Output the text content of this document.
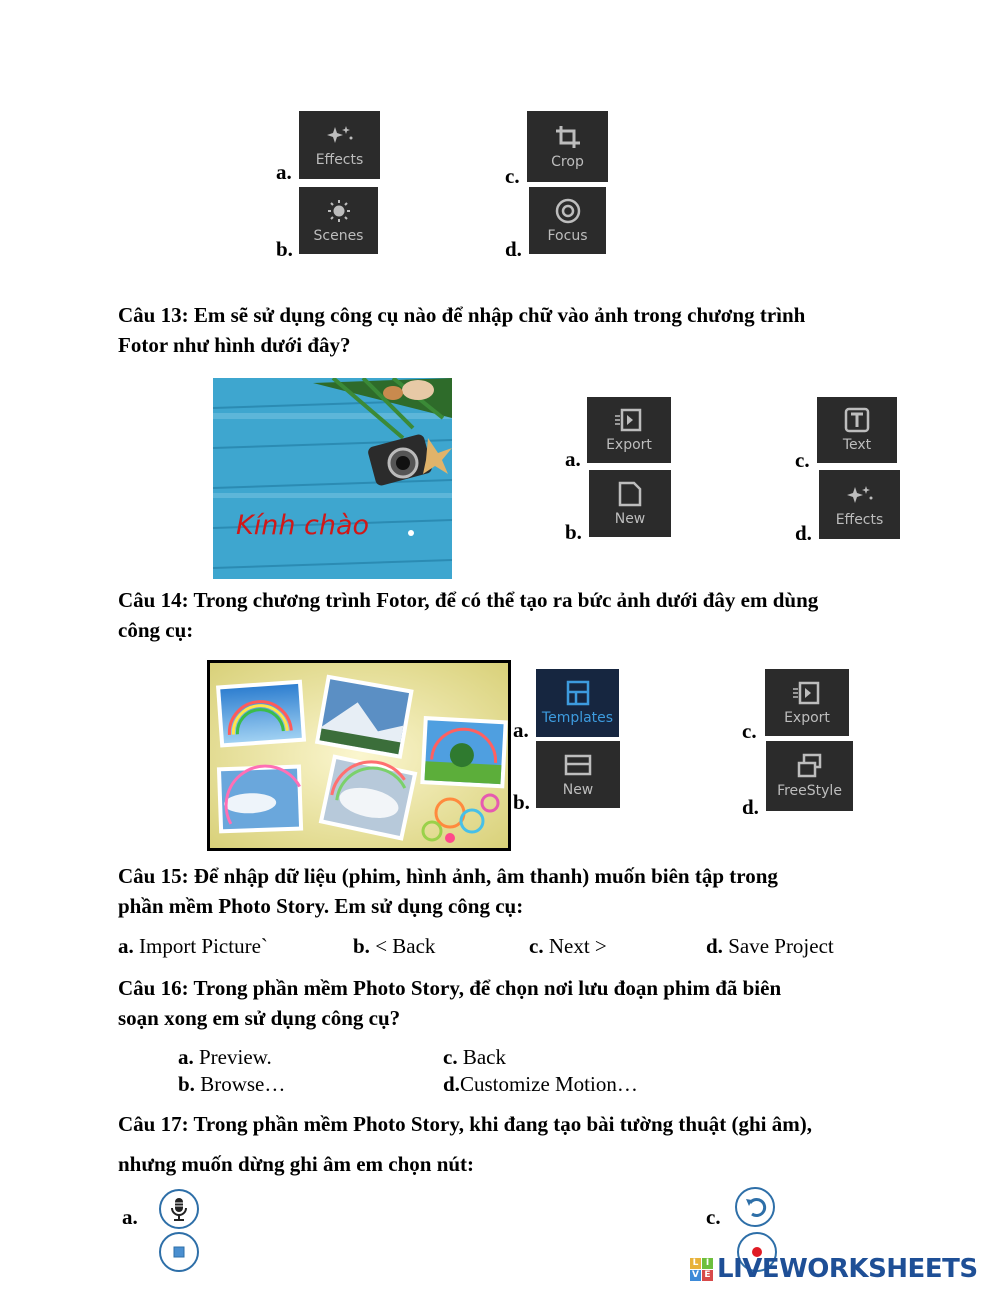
a. Effects
b.
Scenes
c.
Crop
d.
Focus
Câu 13: Em sẽ sử dụng công cụ nào để nhập chữ vào ảnh trong chương trình
Fotor như hình dưới đây?
Kính chào
a.
Export
b.
New
c.
Text
d.
Effects
Câu 14: Trong chương trình Fotor, để có thể tạo ra bức ảnh dưới đây em dùng
công cụ:
a. Templates
b.
New
c.
Export
d.
FreeStyle
Câu 15: Để nhập dữ liệu (phim, hình ảnh, âm thanh) muốn biên tập trong
phần mềm Photo Story. Em sử dụng công cụ:
a. Import Picture`	b. < Back	c. Next >	d. Save Project
Câu 16: Trong phần mềm Photo Story, để chọn nơi lưu đoạn phim đã biên
soạn xong em sử dụng công cụ?
a. Preview.
b. Browse…
c. Back
d.Customize Motion…
Câu 17: Trong phần mềm Photo Story, khi đang tạo bài tường thuật (ghi âm),
nhưng muốn dừng ghi âm em chọn nút:
a.	c.
L I
V E LIVEWORKSHEETS
